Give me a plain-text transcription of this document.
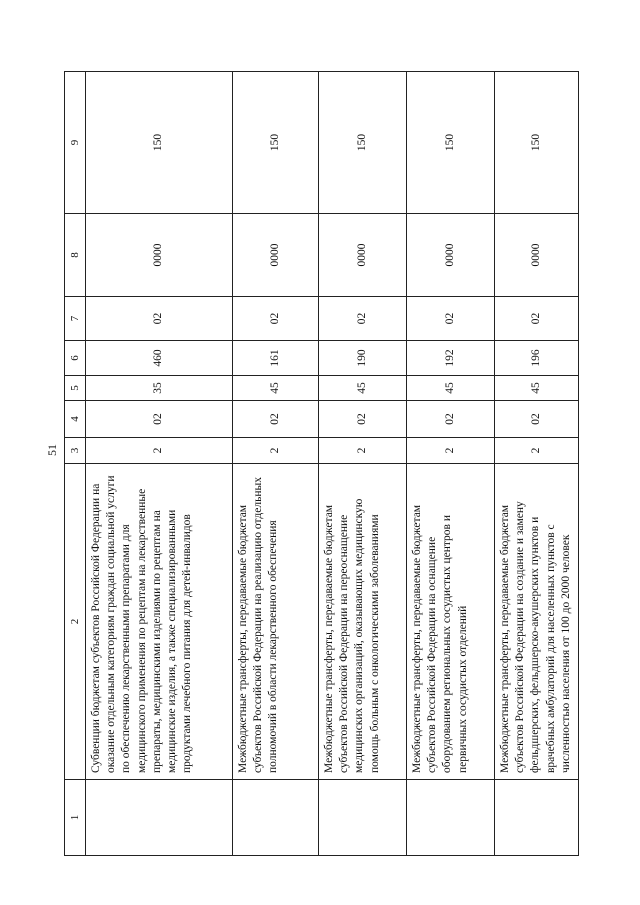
51
1	2	3	4	5	6	7	8	9
	Субвенции бюджетам субъектов Российской Федерации на оказание отдельным категориям граждан социальной услуги по обеспечению лекарственными препаратами для медицинского применения по рецептам на лекарственные препараты, медицинскими изделиями по рецептам на медицинские изделия, а также специализированными продуктами лечебного питания для детей-инвалидов	2	02	35	460	02	0000	150
	Межбюджетные трансферты, передаваемые бюджетам субъектов Российской Федерации на реализацию отдельных полномочий в области лекарственного обеспечения	2	02	45	161	02	0000	150
	Межбюджетные трансферты, передаваемые бюджетам субъектов Российской Федерации на переоснащение медицинских организаций, оказывающих медицинскую помощь больным с онкологическими заболеваниями	2	02	45	190	02	0000	150
	Межбюджетные трансферты, передаваемые бюджетам субъектов Российской Федерации на оснащение оборудованием региональных сосудистых центров и первичных сосудистых отделений	2	02	45	192	02	0000	150
	Межбюджетные трансферты, передаваемые бюджетам субъектов Российской Федерации на создание и замену фельдшерских, фельдшерско-акушерских пунктов и врачебных амбулаторий для населенных пунктов с численностью населения от 100 до 2000 человек	2	02	45	196	02	0000	150
